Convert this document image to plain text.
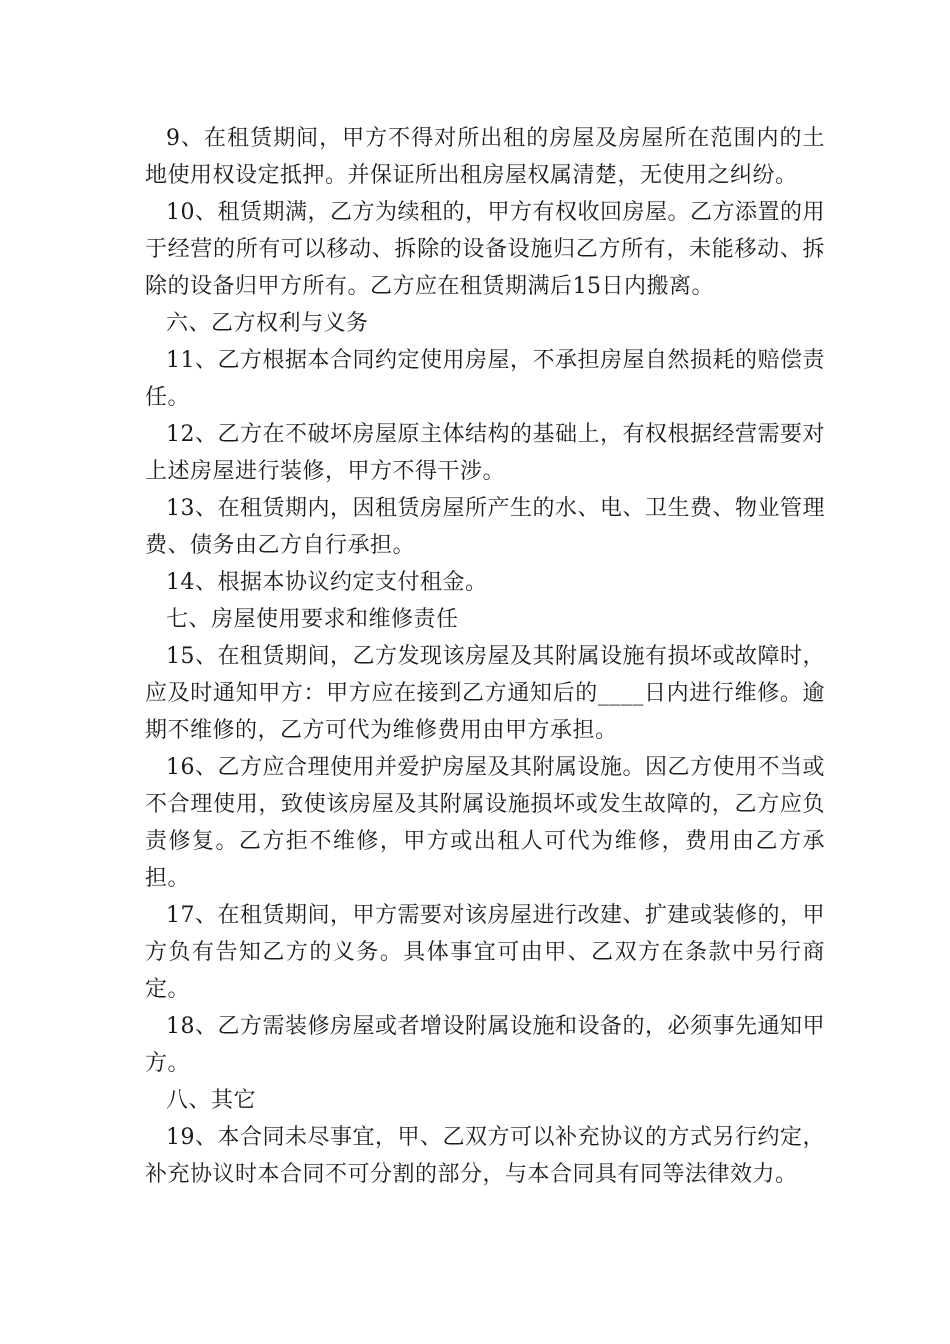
9、在租赁期间，甲方不得对所出租的房屋及房屋所在范围内的土地使用权设定抵押。并保证所出租房屋权属清楚，无使用之纠纷。

10、租赁期满，乙方为续租的，甲方有权收回房屋。乙方添置的用于经营的所有可以移动、拆除的设备设施归乙方所有，未能移动、拆除的设备归甲方所有。乙方应在租赁期满后15日内搬离。

六、乙方权利与义务

11、乙方根据本合同约定使用房屋，不承担房屋自然损耗的赔偿责任。

12、乙方在不破坏房屋原主体结构的基础上，有权根据经营需要对上述房屋进行装修，甲方不得干涉。

13、在租赁期内，因租赁房屋所产生的水、电、卫生费、物业管理费、债务由乙方自行承担。

14、根据本协议约定支付租金。

七、房屋使用要求和维修责任

15、在租赁期间，乙方发现该房屋及其附属设施有损坏或故障时，应及时通知甲方：甲方应在接到乙方通知后的____日内进行维修。逾期不维修的，乙方可代为维修费用由甲方承担。

16、乙方应合理使用并爱护房屋及其附属设施。因乙方使用不当或不合理使用，致使该房屋及其附属设施损坏或发生故障的，乙方应负责修复。乙方拒不维修，甲方或出租人可代为维修，费用由乙方承担。

17、在租赁期间，甲方需要对该房屋进行改建、扩建或装修的，甲方负有告知乙方的义务。具体事宜可由甲、乙双方在条款中另行商定。

18、乙方需装修房屋或者增设附属设施和设备的，必须事先通知甲方。

八、其它

19、本合同未尽事宜，甲、乙双方可以补充协议的方式另行约定，补充协议时本合同不可分割的部分，与本合同具有同等法律效力。
